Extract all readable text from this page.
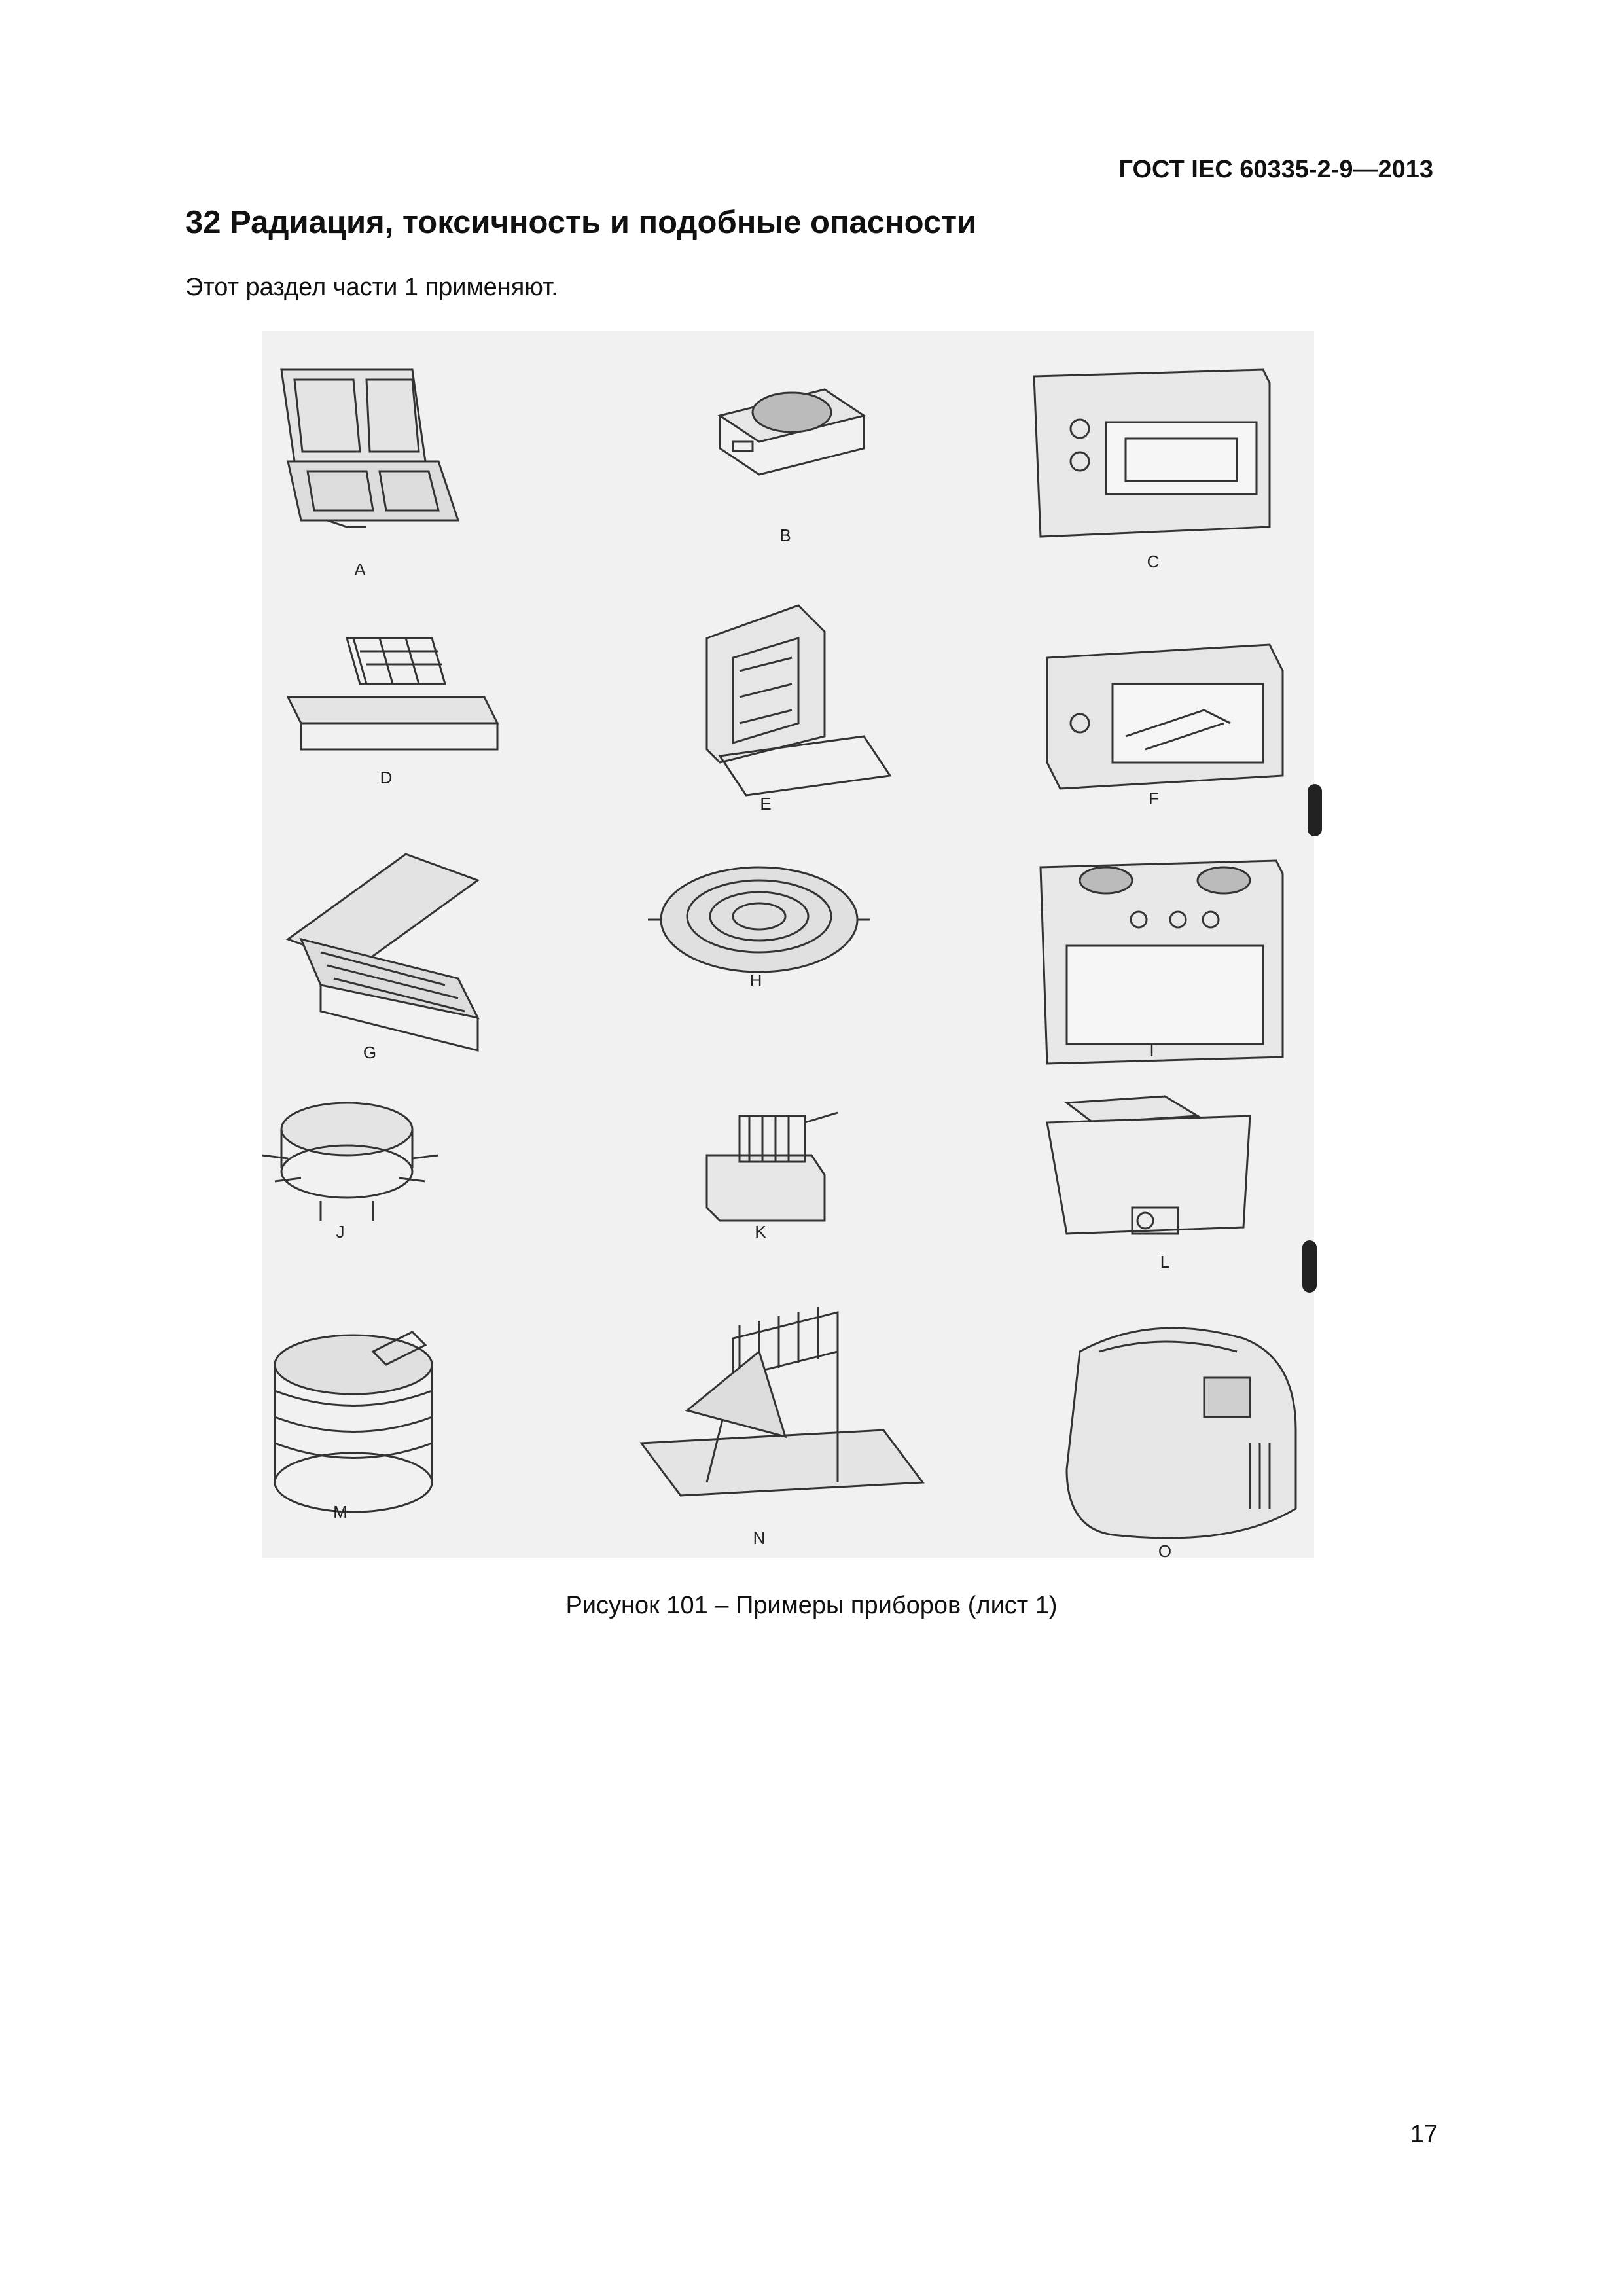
ГОСТ IEC 60335-2-9—2013
32 Радиация, токсичность и подобные опасности
Этот раздел части 1 применяют.
A
B
C
D
E	F
G
H
I
J	K
L
M
N
O
Рисунок 101 – Примеры приборов (лист 1)
17
